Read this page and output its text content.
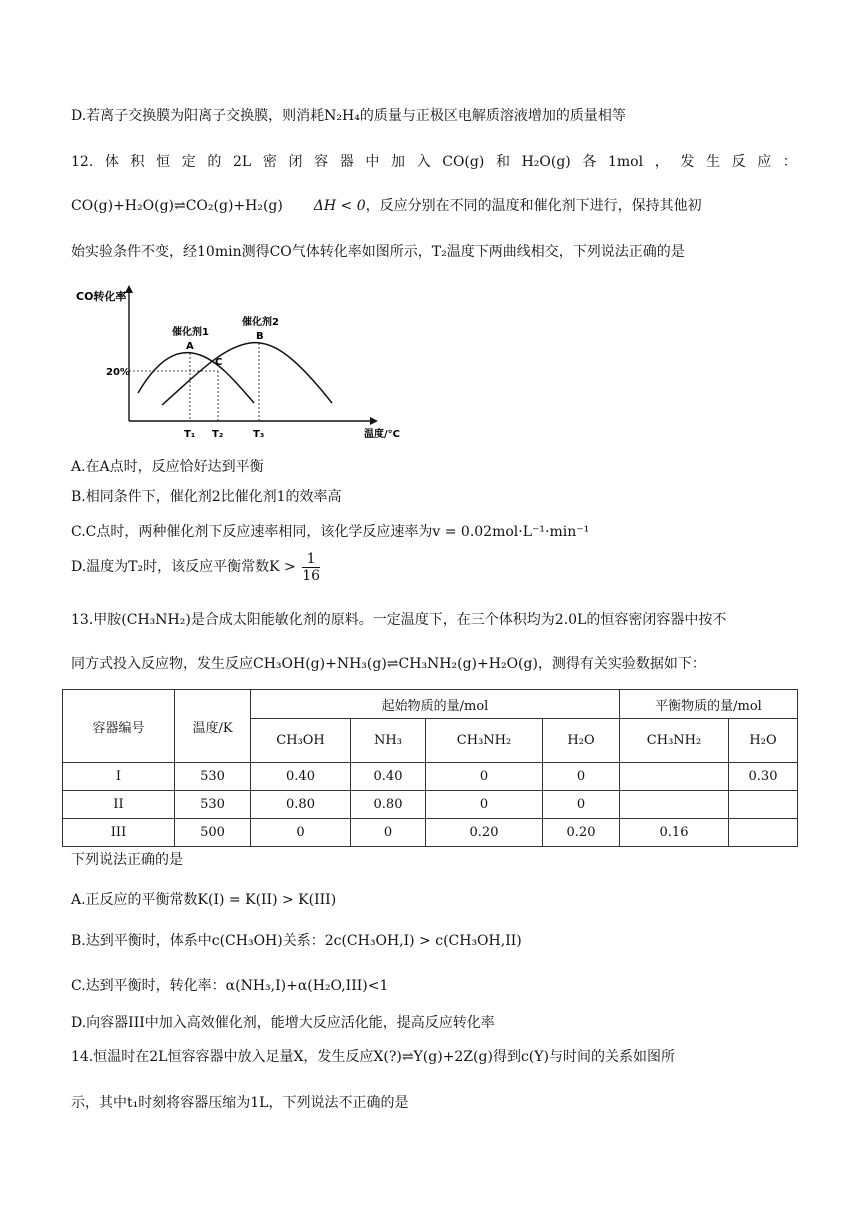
D.若离子交换膜为阳离子交换膜，则消耗N₂H₄的质量与正极区电解质溶液增加的质量相等
12. 体 积 恒 定 的 2L 密 闭 容 器 中 加 入 CO(g) 和 H₂O(g) 各 1mol ， 发 生 反 应 ：
CO(g)+H₂O(g)⇌CO₂(g)+H₂(g) ΔH < 0，反应分别在不同的温度和催化剂下进行，保持其他初
始实验条件不变，经10min测得CO气体转化率如图所示，T₂温度下两曲线相交，下列说法正确的是
CO转化率
温度/°C
20%
A
B
C
催化剂1
催化剂2
T₁ T₂	T₃
A.在A点时，反应恰好达到平衡
B.相同条件下，催化剂2比催化剂1的效率高
C.C点时，两种催化剂下反应速率相同，该化学反应速率为v = 0.02mol·L⁻¹·min⁻¹
D.温度为T₂时，该反应平衡常数$K > \frac{1}{16}$
13.甲胺(CH₃NH₂)是合成太阳能敏化剂的原料。一定温度下，在三个体积均为2.0L的恒容密闭容器中按不
同方式投入反应物，发生反应CH₃OH(g)+NH₃(g)⇌CH₃NH₂(g)+H₂O(g)，测得有关实验数据如下：
容器编号	温度/K	起始物质的量/mol				平衡物质的量/mol	
		CH₃OH	NH₃	CH₃NH₂	H₂O	CH₃NH₂	H₂O
I	530	0.40	0.40	0	0		0.30
II	530	0.80	0.80	0	0		
III	500	0	0	0.20	0.20	0.16	
下列说法正确的是
A.正反应的平衡常数K(I) = K(II) > K(III)
B.达到平衡时，体系中c(CH₃OH)关系：2c(CH₃OH,I) > c(CH₃OH,II)
C.达到平衡时，转化率：α(NH₃,I)+α(H₂O,III)<1
D.向容器III中加入高效催化剂，能增大反应活化能，提高反应转化率
14.恒温时在2L恒容容器中放入足量X，发生反应X(?)⇌Y(g)+2Z(g)得到c(Y)与时间的关系如图所
示，其中t₁时刻将容器压缩为1L，下列说法不正确的是
